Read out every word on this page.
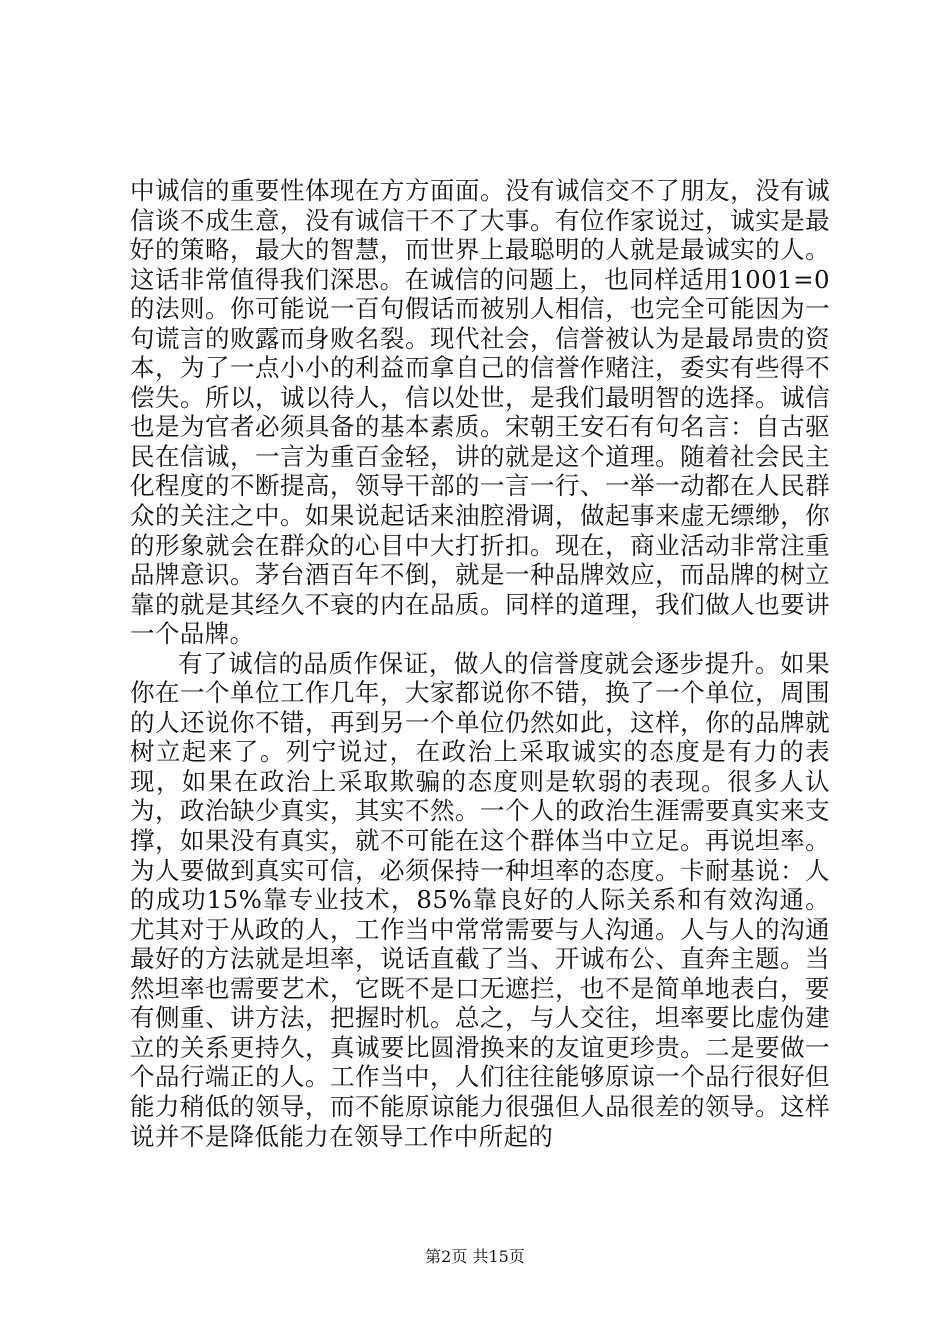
中诚信的重要性体现在方方面面。没有诚信交不了朋友，没有诚信谈不成生意，没有诚信干不了大事。有位作家说过，诚实是最好的策略，最大的智慧，而世界上最聪明的人就是最诚实的人。这话非常值得我们深思。在诚信的问题上，也同样适用1001=0的法则。你可能说一百句假话而被别人相信，也完全可能因为一句谎言的败露而身败名裂。现代社会，信誉被认为是最昂贵的资本，为了一点小小的利益而拿自己的信誉作赌注，委实有些得不偿失。所以，诚以待人，信以处世，是我们最明智的选择。诚信也是为官者必须具备的基本素质。宋朝王安石有句名言：自古驱民在信诚，一言为重百金轻，讲的就是这个道理。随着社会民主化程度的不断提高，领导干部的一言一行、一举一动都在人民群众的关注之中。如果说起话来油腔滑调，做起事来虚无缥缈，你的形象就会在群众的心目中大打折扣。现在，商业活动非常注重品牌意识。茅台酒百年不倒，就是一种品牌效应，而品牌的树立靠的就是其经久不衰的内在品质。同样的道理，我们做人也要讲一个品牌。

有了诚信的品质作保证，做人的信誉度就会逐步提升。如果你在一个单位工作几年，大家都说你不错，换了一个单位，周围的人还说你不错，再到另一个单位仍然如此，这样，你的品牌就树立起来了。列宁说过，在政治上采取诚实的态度是有力的表现，如果在政治上采取欺骗的态度则是软弱的表现。很多人认为，政治缺少真实，其实不然。一个人的政治生涯需要真实来支撑，如果没有真实，就不可能在这个群体当中立足。再说坦率。为人要做到真实可信，必须保持一种坦率的态度。卡耐基说：人的成功15%靠专业技术，85%靠良好的人际关系和有效沟通。尤其对于从政的人，工作当中常常需要与人沟通。人与人的沟通最好的方法就是坦率，说话直截了当、开诚布公、直奔主题。当然坦率也需要艺术，它既不是口无遮拦，也不是简单地表白，要有侧重、讲方法，把握时机。总之，与人交往，坦率要比虚伪建立的关系更持久，真诚要比圆滑换来的友谊更珍贵。二是要做一个品行端正的人。工作当中，人们往往能够原谅一个品行很好但能力稍低的领导，而不能原谅能力很强但人品很差的领导。这样说并不是降低能力在领导工作中所起的

第2页 共15页
